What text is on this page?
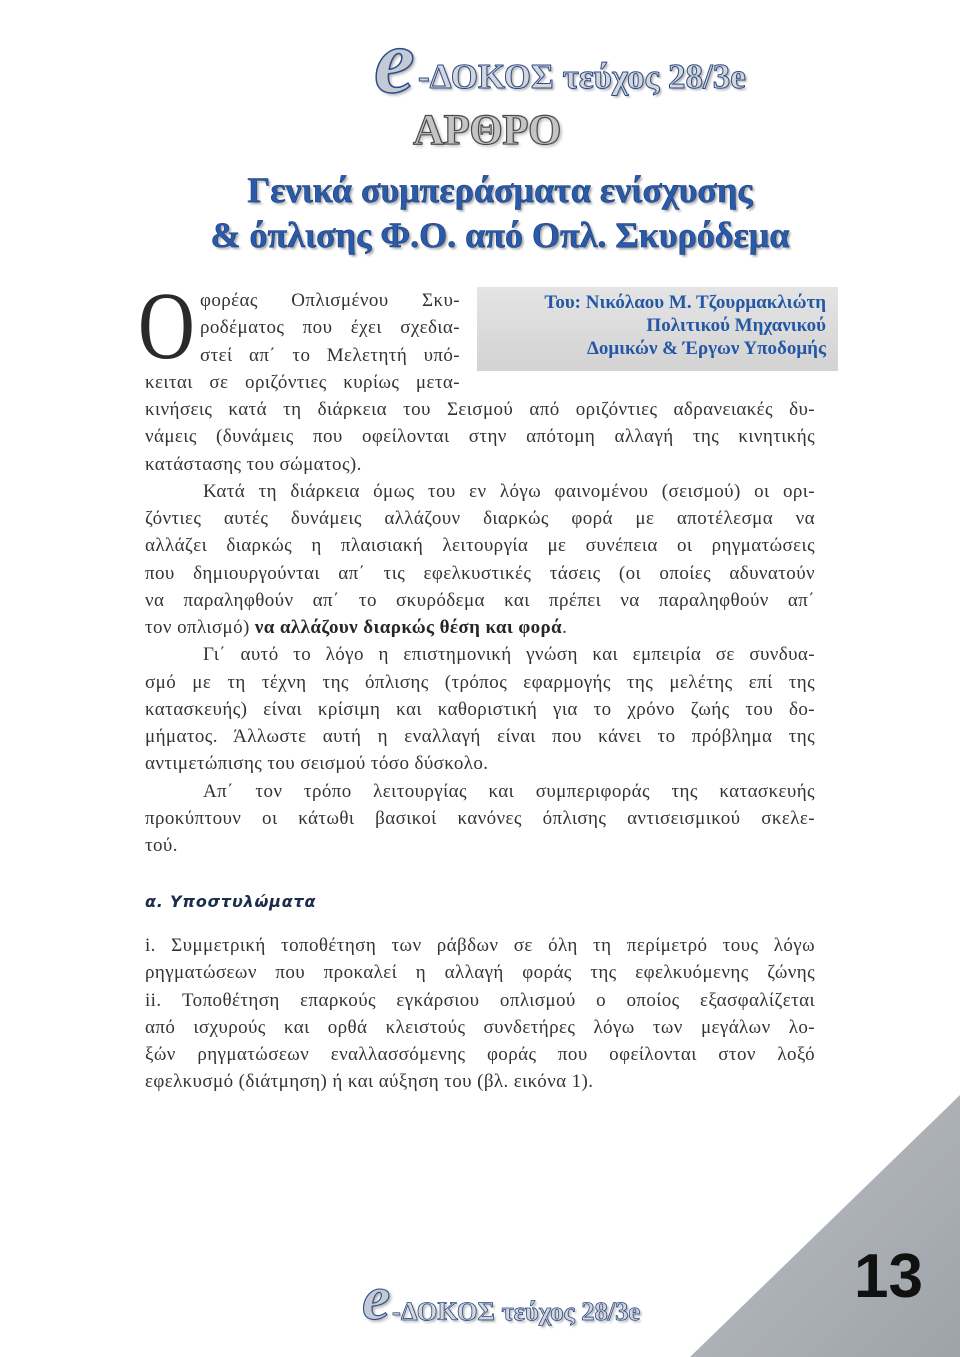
e -ΔΟΚΟΣ τεύχος 28/3e
ΑΡΘΡΟ
Γενικά συμπεράσματα ενίσχυσης
& όπλισης Φ.Ο. από Οπλ. Σκυρόδεμα
Του: Νικόλαου Μ. Τζουρμακλιώτη
Πολιτικού Μηχανικού
Δομικών & Έργων Υποδομής
Ο φορέας Οπλισμένου Σκυ-
ροδέματος που έχει σχεδια-
στεί απ΄ το Μελετητή υπό-
κειται σε οριζόντιες κυρίως μετα-
κινήσεις κατά τη διάρκεια του Σεισμού από οριζόντιες αδρανειακές δυ-
νάμεις (δυνάμεις που οφείλονται στην απότομη αλλαγή της κινητικής
κατάστασης του σώματος).
Κατά τη διάρκεια όμως του εν λόγω φαινομένου (σεισμού) οι ορι-
ζόντιες αυτές δυνάμεις αλλάζουν διαρκώς φορά με αποτέλεσμα να
αλλάζει διαρκώς η πλαισιακή λειτουργία με συνέπεια οι ρηγματώσεις
που δημιουργούνται απ΄ τις εφελκυστικές τάσεις (οι οποίες αδυνατούν
να παραληφθούν απ΄ το σκυρόδεμα και πρέπει να παραληφθούν απ΄
τον οπλισμό) να αλλάζουν διαρκώς θέση και φορά.
Γι΄ αυτό το λόγο η επιστημονική γνώση και εμπειρία σε συνδυα-
σμό με τη τέχνη της όπλισης (τρόπος εφαρμογής της μελέτης επί της
κατασκευής) είναι κρίσιμη και καθοριστική για το χρόνο ζωής του δο-
μήματος. Άλλωστε αυτή η εναλλαγή είναι που κάνει το πρόβλημα της
αντιμετώπισης του σεισμού τόσο δύσκολο.
Απ΄ τον τρόπο λειτουργίας και συμπεριφοράς της κατασκευής
προκύπτουν οι κάτωθι βασικοί κανόνες όπλισης αντισεισμικού σκελε-
τού.
α. Υποστυλώματα
i. Συμμετρική τοποθέτηση των ράβδων σε όλη τη περίμετρό τους λόγω
ρηγματώσεων που προκαλεί η αλλαγή φοράς της εφελκυόμενης ζώνης
ii. Τοποθέτηση επαρκούς εγκάρσιου οπλισμού ο οποίος εξασφαλίζεται
από ισχυρούς και ορθά κλειστούς συνδετήρες λόγω των μεγάλων λο-
ξών ρηγματώσεων εναλλασσόμενης φοράς που οφείλονται στον λοξό
εφελκυσμό (διάτμηση) ή και αύξηση του (βλ. εικόνα 1).
13
e -ΔΟΚΟΣ τεύχος 28/3e
